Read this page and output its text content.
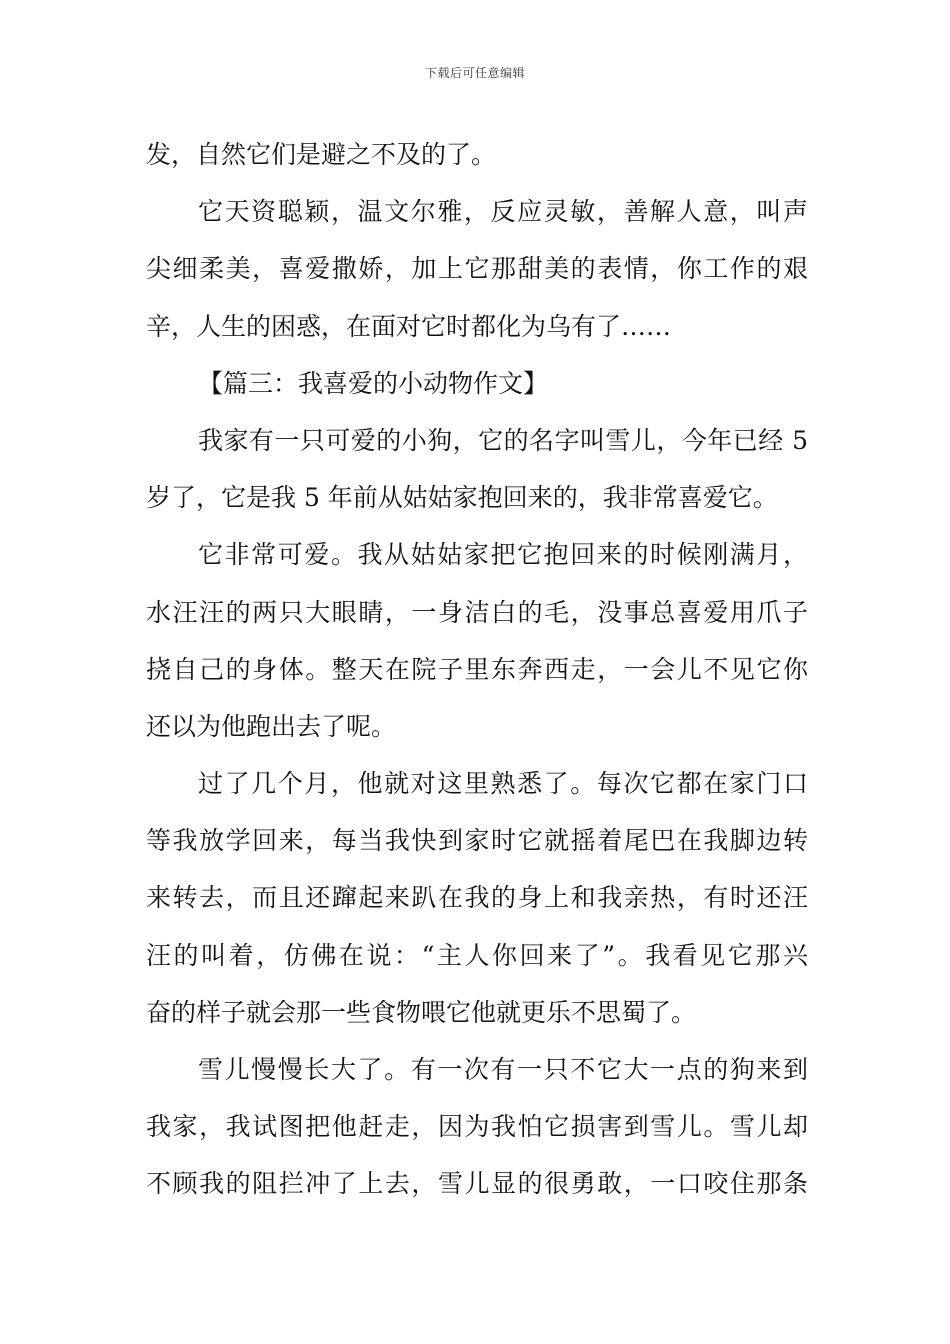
下载后可任意编辑
发，自然它们是避之不及的了。
它天资聪颖，温文尔雅，反应灵敏，善解人意，叫声
尖细柔美，喜爱撒娇，加上它那甜美的表情，你工作的艰
辛，人生的困惑，在面对它时都化为乌有了……
【篇三：我喜爱的小动物作文】
我家有一只可爱的小狗，它的名字叫雪儿，今年已经 5
岁了，它是我 5 年前从姑姑家抱回来的，我非常喜爱它。
它非常可爱。我从姑姑家把它抱回来的时候刚满月，
水汪汪的两只大眼睛，一身洁白的毛，没事总喜爱用爪子
挠自己的身体。整天在院子里东奔西走，一会儿不见它你
还以为他跑出去了呢。
过了几个月，他就对这里熟悉了。每次它都在家门口
等我放学回来，每当我快到家时它就摇着尾巴在我脚边转
来转去，而且还蹿起来趴在我的身上和我亲热，有时还汪
汪的叫着，仿佛在说：“主人你回来了”。我看见它那兴
奋的样子就会那一些食物喂它他就更乐不思蜀了。
雪儿慢慢长大了。有一次有一只不它大一点的狗来到
我家，我试图把他赶走，因为我怕它损害到雪儿。雪儿却
不顾我的阻拦冲了上去，雪儿显的很勇敢，一口咬住那条
